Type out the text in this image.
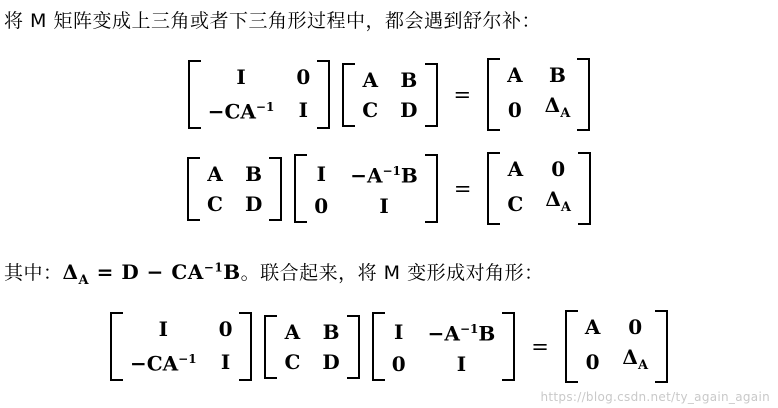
将 M 矩阵变成上三角或者下三角形过程中，都会遇到舒尔补：
I	0
$-CA^{-1}$ I
A B
C D
=
A B
0 $\Delta_A$
A B
C D
$I -A^{-1}B$
0	I
=
A 0
C $\Delta_A$
其中：$\Delta_A = D - CA^{-1}B$。联合起来，将 M 变形成对角形：
I	0
$-CA^{-1}$ I
A B
C D
$I -A^{-1}B$
0	I
=
A 0
0 $\Delta_A$
https://blog.csdn.net/ty_again_again
